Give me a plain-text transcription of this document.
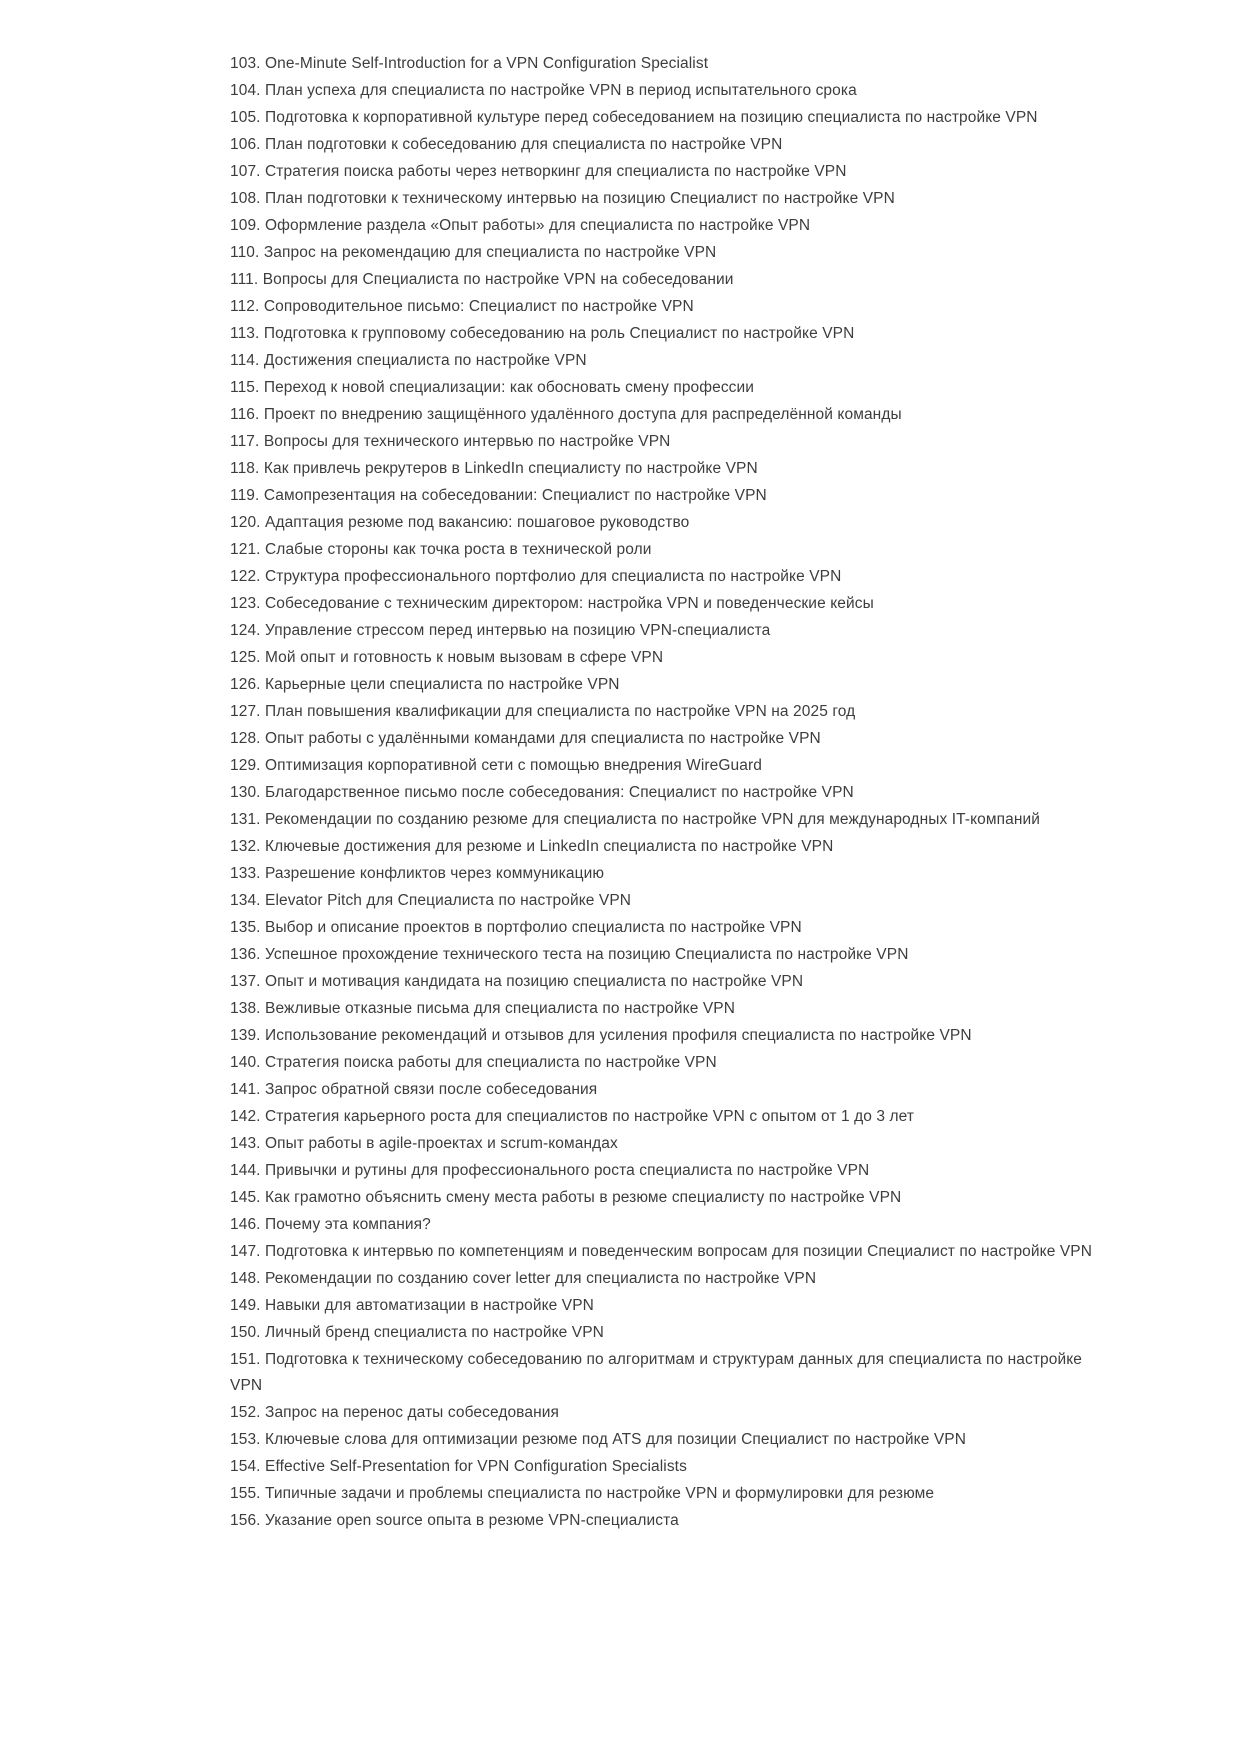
103. One-Minute Self-Introduction for a VPN Configuration Specialist

104. План успеха для специалиста по настройке VPN в период испытательного срока

105. Подготовка к корпоративной культуре перед собеседованием на позицию специалиста по настройке VPN

106. План подготовки к собеседованию для специалиста по настройке VPN

107. Стратегия поиска работы через нетворкинг для специалиста по настройке VPN

108. План подготовки к техническому интервью на позицию Специалист по настройке VPN

109. Оформление раздела «Опыт работы» для специалиста по настройке VPN

110. Запрос на рекомендацию для специалиста по настройке VPN

111. Вопросы для Специалиста по настройке VPN на собеседовании

112. Сопроводительное письмо: Специалист по настройке VPN

113. Подготовка к групповому собеседованию на роль Специалист по настройке VPN

114. Достижения специалиста по настройке VPN

115. Переход к новой специализации: как обосновать смену профессии

116. Проект по внедрению защищённого удалённого доступа для распределённой команды

117. Вопросы для технического интервью по настройке VPN

118. Как привлечь рекрутеров в LinkedIn специалисту по настройке VPN

119. Самопрезентация на собеседовании: Специалист по настройке VPN

120. Адаптация резюме под вакансию: пошаговое руководство

121. Слабые стороны как точка роста в технической роли

122. Структура профессионального портфолио для специалиста по настройке VPN

123. Собеседование с техническим директором: настройка VPN и поведенческие кейсы

124. Управление стрессом перед интервью на позицию VPN-специалиста

125. Мой опыт и готовность к новым вызовам в сфере VPN

126. Карьерные цели специалиста по настройке VPN

127. План повышения квалификации для специалиста по настройке VPN на 2025 год

128. Опыт работы с удалёнными командами для специалиста по настройке VPN

129. Оптимизация корпоративной сети с помощью внедрения WireGuard

130. Благодарственное письмо после собеседования: Специалист по настройке VPN

131. Рекомендации по созданию резюме для специалиста по настройке VPN для международных IT-компаний

132. Ключевые достижения для резюме и LinkedIn специалиста по настройке VPN

133. Разрешение конфликтов через коммуникацию

134. Elevator Pitch для Специалиста по настройке VPN

135. Выбор и описание проектов в портфолио специалиста по настройке VPN

136. Успешное прохождение технического теста на позицию Специалиста по настройке VPN

137. Опыт и мотивация кандидата на позицию специалиста по настройке VPN

138. Вежливые отказные письма для специалиста по настройке VPN

139. Использование рекомендаций и отзывов для усиления профиля специалиста по настройке VPN

140. Стратегия поиска работы для специалиста по настройке VPN

141. Запрос обратной связи после собеседования

142. Стратегия карьерного роста для специалистов по настройке VPN с опытом от 1 до 3 лет

143. Опыт работы в agile-проектах и scrum-командах

144. Привычки и рутины для профессионального роста специалиста по настройке VPN

145. Как грамотно объяснить смену места работы в резюме специалисту по настройке VPN

146. Почему эта компания?

147. Подготовка к интервью по компетенциям и поведенческим вопросам для позиции Специалист по настройке VPN

148. Рекомендации по созданию cover letter для специалиста по настройке VPN

149. Навыки для автоматизации в настройке VPN

150. Личный бренд специалиста по настройке VPN

151. Подготовка к техническому собеседованию по алгоритмам и структурам данных для специалиста по настройке VPN

152. Запрос на перенос даты собеседования

153. Ключевые слова для оптимизации резюме под ATS для позиции Специалист по настройке VPN

154. Effective Self-Presentation for VPN Configuration Specialists

155. Типичные задачи и проблемы специалиста по настройке VPN и формулировки для резюме

156. Указание open source опыта в резюме VPN-специалиста
